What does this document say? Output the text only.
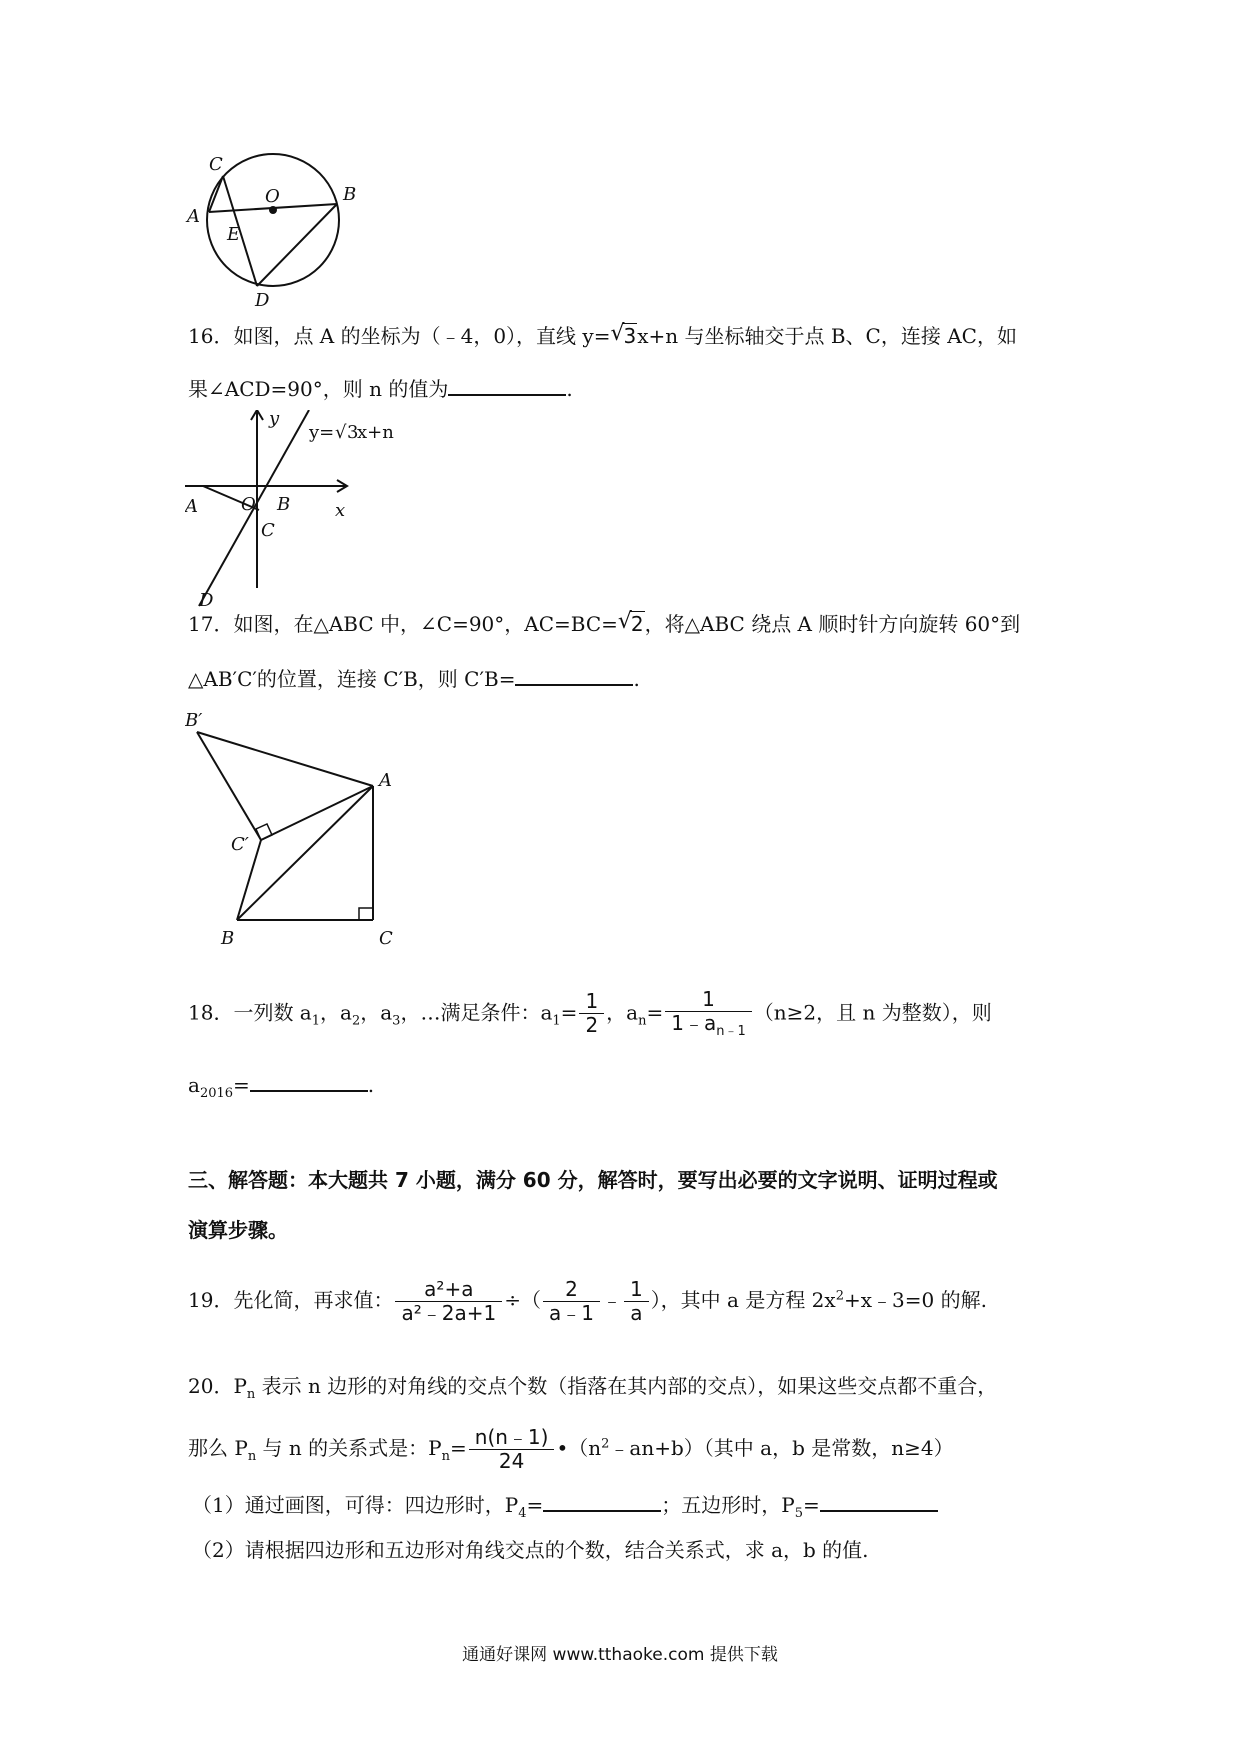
C
O	B
A
E
D
16．如图，点 A 的坐标为（﹣4，0），直线 y= √ 3x+n 与坐标轴交于点 B、C，连接 AC，如
果∠ACD=90°，则 n 的值为	.
y
y= √ 3
x+n
A O B
C
x
D
17．如图，在△ABC 中，∠C=90°，AC=BC= √ 2，将△ABC 绕点 A 顺时针方向旋转 60°到
△AB′C′的位置，连接 C′B，则 C′B=	.
B′
A
C′
B	C
18．一列数 $a_1$，$a_2$，$a_3$，…满足条件：$a_1= \frac{1}{2}$ ，$a_n= \frac{1}{1﹣a_{n﹣1}} (n\ge 2$，且 n 为整数），则
$a_{2016}=$	.
三、解答题：本大题共 7 小题，满分 60 分，解答时，要写出必要的文字说明、证明过程或
演算步骤。
19．先化简，再求值： $\frac{\text{a²+a}}{\text{a²﹣2a+1}}$ ÷（ $\frac{2}{a﹣1}$ ﹣ $\frac{1}{a}$ ），其中 a 是方程 $2x^2+x﹣3=0$ 的解.
20．$P_n$ 表示 n 边形的对角线的交点个数（指落在其内部的交点），如果这些交点都不重合，
那么 $P_n$ 与 n 的关系式是：$P_n= \frac{n(n﹣1)}{24}$ $•(n^2﹣an+b)$（其中 a，b 是常数，n≥4）
（1）通过画图，可得：四边形时，$P_4=$	；五边形时，$P_5=$
（2）请根据四边形和五边形对角线交点的个数，结合关系式，求 a，b 的值.
通通好课网 www.tthaoke.com 提供下载
